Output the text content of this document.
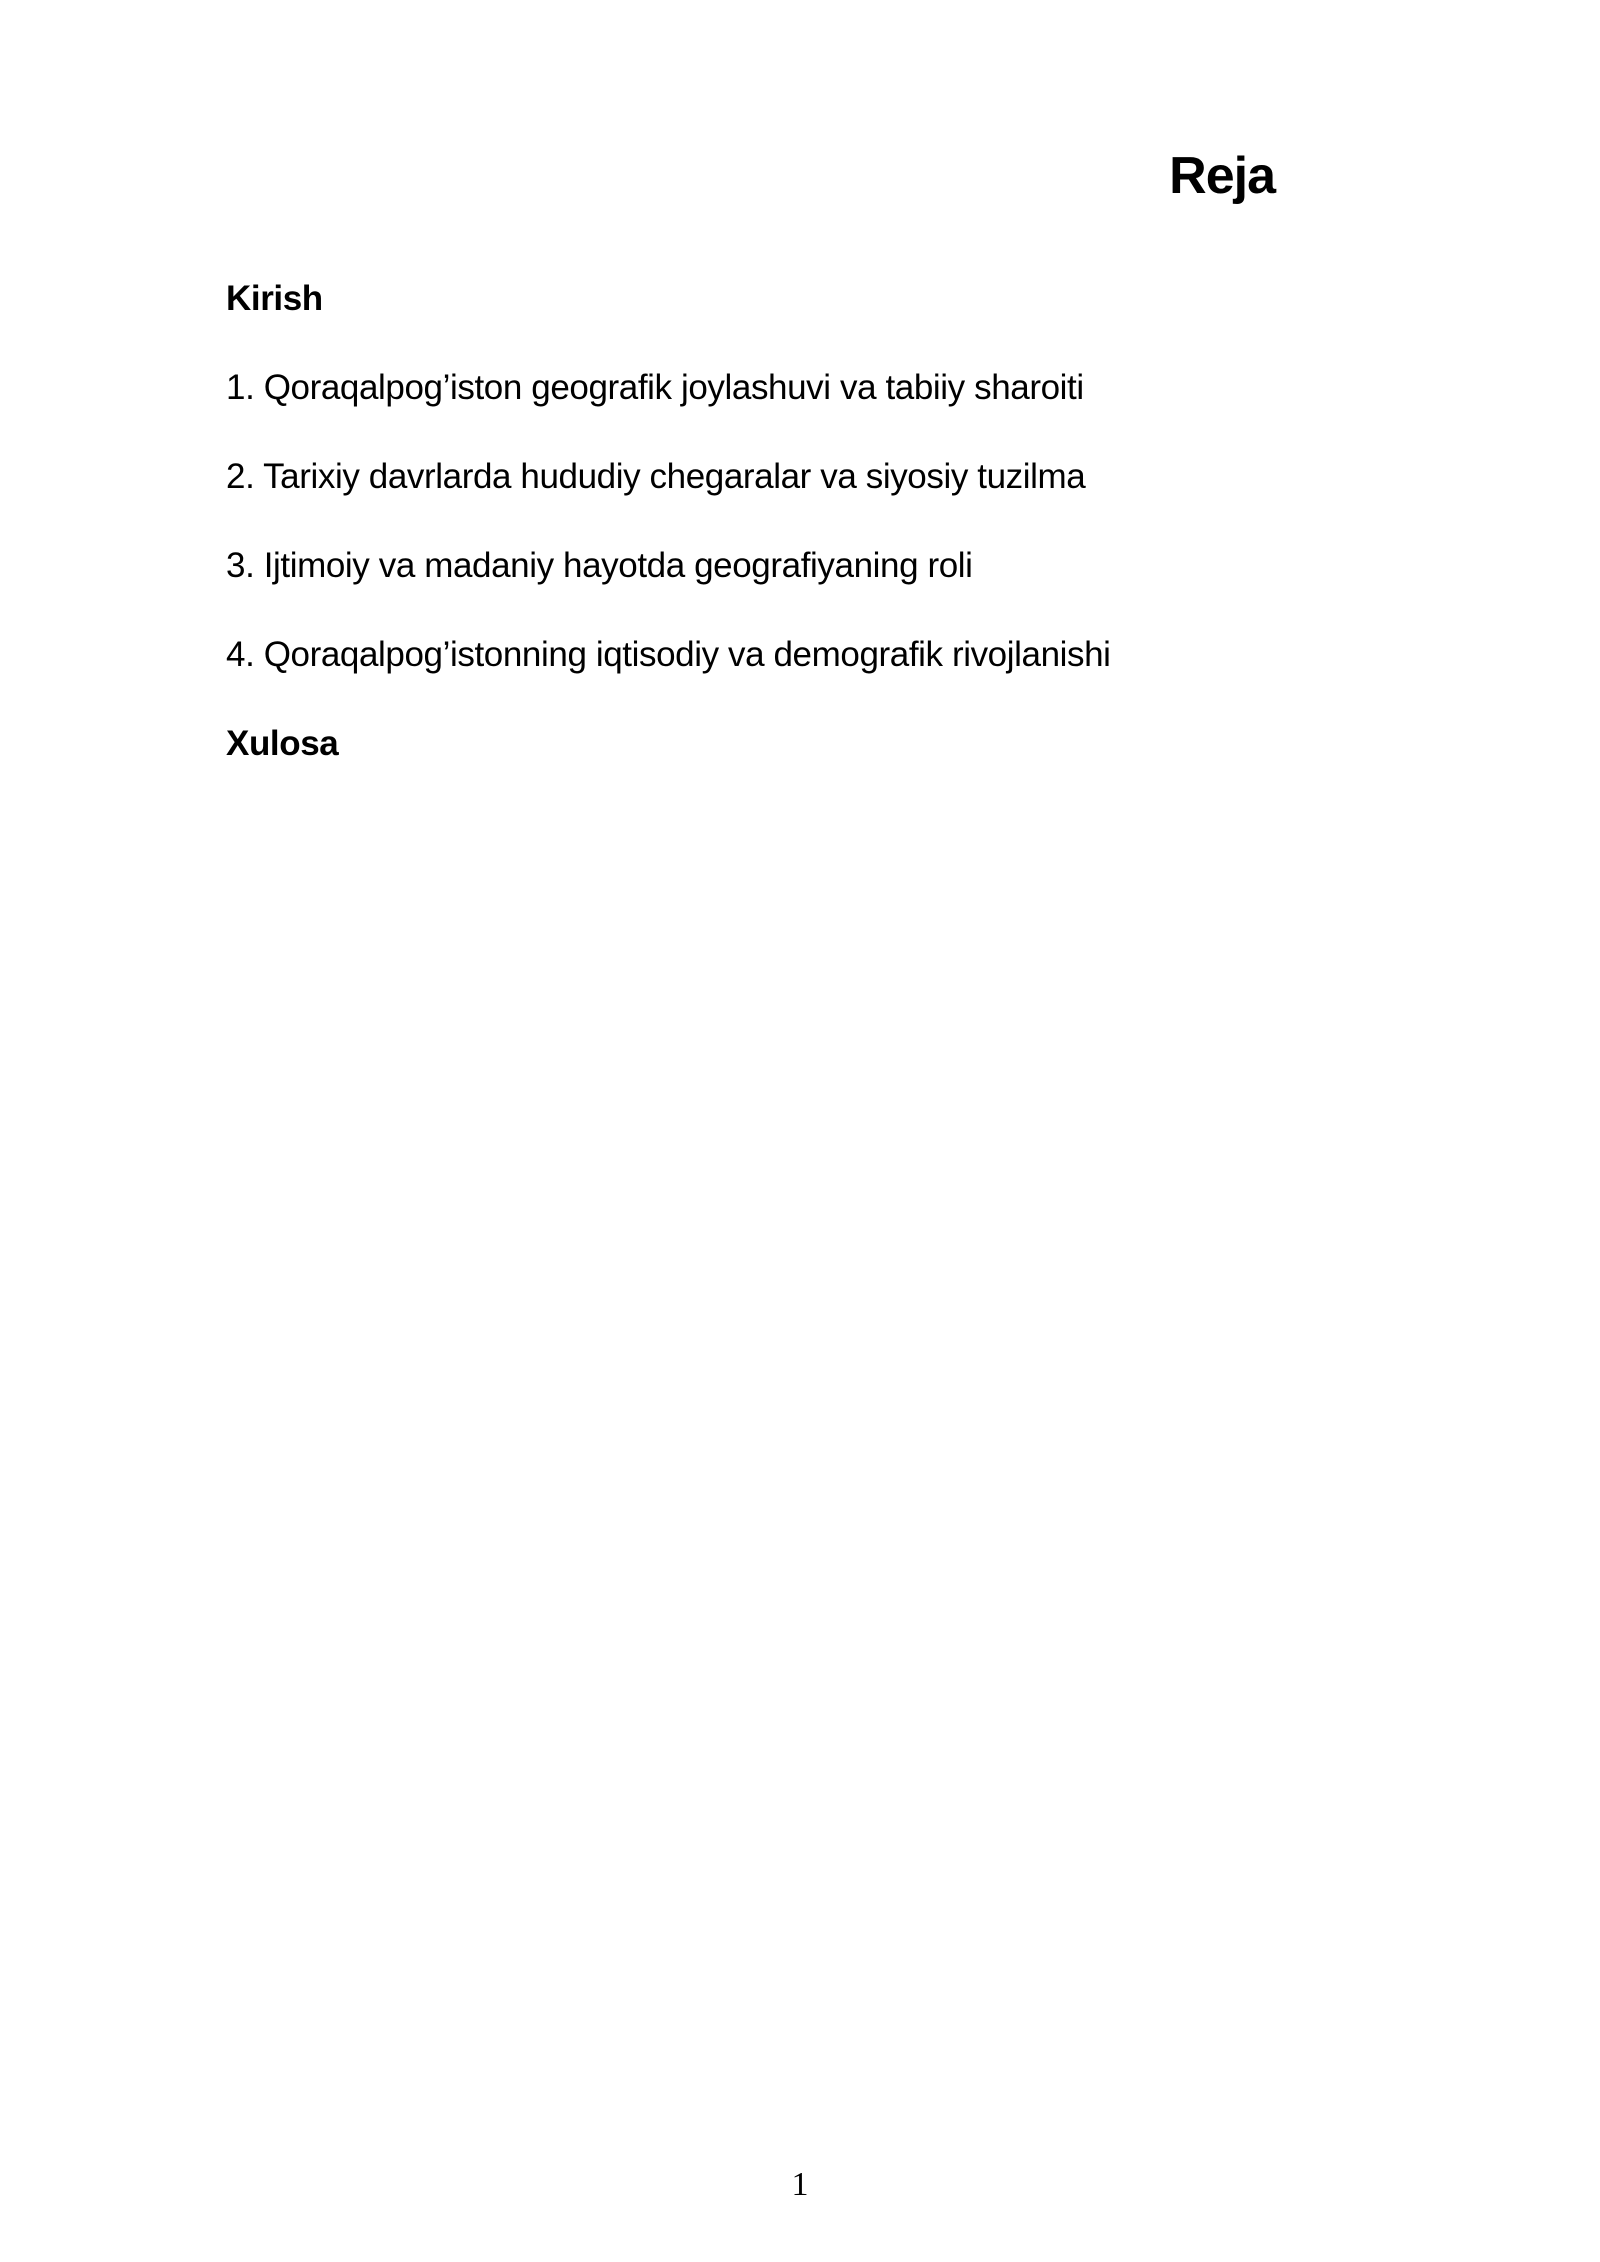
Reja

Kirish

1. Qoraqalpog’iston geografik joylashuvi va tabiiy sharoiti

2. Tarixiy davrlarda hududiy chegaralar va siyosiy tuzilma

3. Ijtimoiy va madaniy hayotda geografiyaning roli

4. Qoraqalpog’istonning iqtisodiy va demografik rivojlanishi

Xulosa

1
